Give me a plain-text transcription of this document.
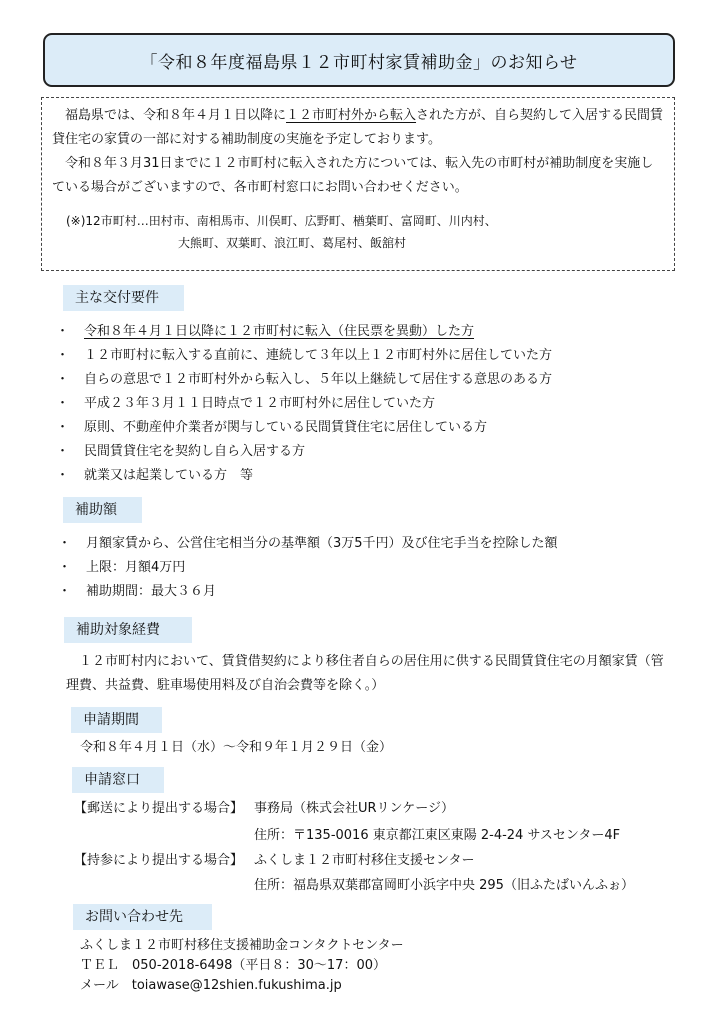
「令和８年度福島県１２市町村家賃補助金」のお知らせ

福島県では、令和８年４月１日以降に１２市町村外から転入された方が、自ら契約して入居する民間賃貸住宅の家賃の一部に対する補助制度の実施を予定しております。

令和８年３月31日までに１２市町村に転入された方については、転入先の市町村が補助制度を実施している場合がございますので、各市町村窓口にお問い合わせください。

(※)12市町村…田村市、南相馬市、川俣町、広野町、楢葉町、富岡町、川内村、
大熊町、双葉町、浪江町、葛尾村、飯舘村
主な交付要件
・ 令和８年４月１日以降に１２市町村に転入（住民票を異動）した方
・ １２市町村に転入する直前に、連続して３年以上１２市町村外に居住していた方
・ 自らの意思で１２市町村外から転入し、５年以上継続して居住する意思のある方
・ 平成２３年３月１１日時点で１２市町村外に居住していた方
・ 原則、不動産仲介業者が関与している民間賃貸住宅に居住している方
・ 民間賃貸住宅を契約し自ら入居する方
・ 就業又は起業している方　等
補助額
・ 月額家賃から、公営住宅相当分の基準額（3万5千円）及び住宅手当を控除した額
・ 上限：月額4万円
・ 補助期間：最大３６月
補助対象経費

１２市町村内において、賃貸借契約により移住者自らの居住用に供する民間賃貸住宅の月額家賃（管理費、共益費、駐車場使用料及び自治会費等を除く。）

申請期間

令和８年４月１日（水）～令和９年１月２９日（金）

申請窓口
【郵送により提出する場合】 事務局（株式会社URリンケージ）
住所：〒135-0016 東京都江東区東陽 2-4-24 サスセンター4F
【持参により提出する場合】 ふくしま１２市町村移住支援センター
住所：福島県双葉郡富岡町小浜字中央 295（旧ふたばいんふぉ）
お問い合わせ先
ふくしま１２市町村移住支援補助金コンタクトセンター
ＴＥＬ　050‐2018‐6498（平日８：30～17：00）
メール　toiawase@12shien.fukushima.jp
